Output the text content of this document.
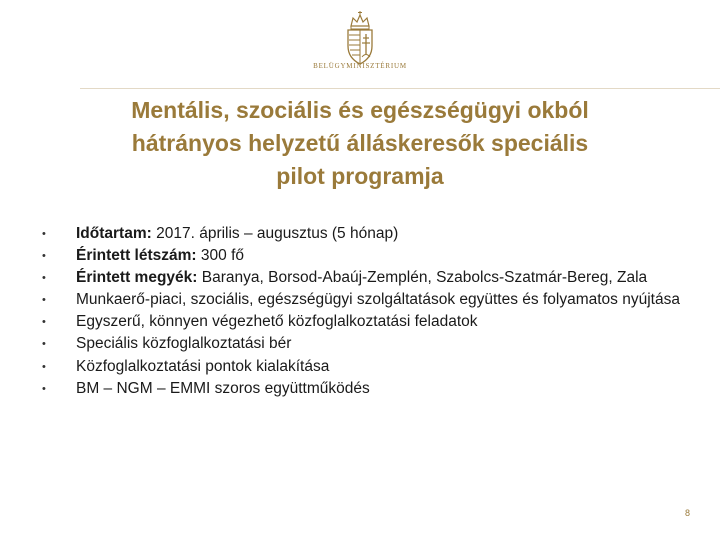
BELÜGYMINISZTÉRIUM
Mentális, szociális és egészségügyi okból
hátrányos helyzetű álláskeresők speciális
pilot programja
• Időtartam: 2017. április – augusztus (5 hónap)
• Érintett létszám: 300 fő
• Érintett megyék: Baranya, Borsod-Abaúj-Zemplén, Szabolcs-Szatmár-Bereg, Zala
• Munkaerő-piaci, szociális, egészségügyi szolgáltatások együttes és folyamatos nyújtása
• Egyszerű, könnyen végezhető közfoglalkoztatási feladatok
• Speciális közfoglalkoztatási bér
• Közfoglalkoztatási pontok kialakítása
• BM – NGM – EMMI szoros együttműködés
8
